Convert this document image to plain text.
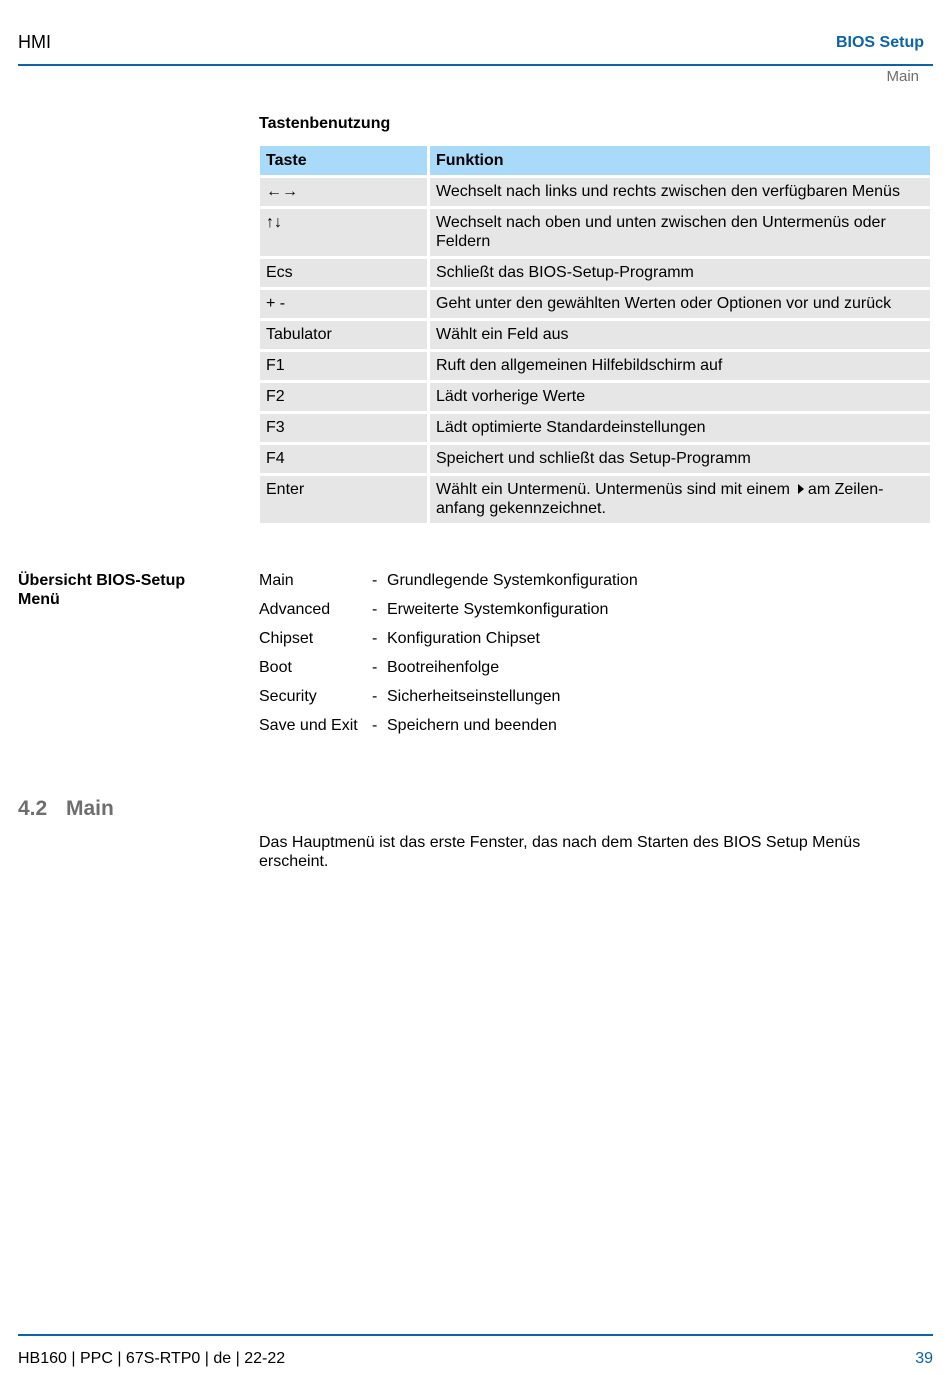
HMI	BIOS Setup
Main
Tastenbenutzung
Taste	Funktion
←→	Wechselt nach links und rechts zwischen den verfügbaren Menüs
↑↓	Wechselt nach oben und unten zwischen den Untermenüs oder Feldern
Ecs	Schließt das BIOS-Setup-Programm
+ -	Geht unter den gewählten Werten oder Optionen vor und zurück
Tabulator	Wählt ein Feld aus
F1	Ruft den allgemeinen Hilfebildschirm auf
F2	Lädt vorherige Werte
F3	Lädt optimierte Standardeinstellungen
F4	Speichert und schließt das Setup-Programm
Enter	Wählt ein Untermenü. Untermenüs sind mit einem am Zeilenanfang gekennzeichnet.
Übersicht BIOS-Setup Menü
Main	- Grundlegende Systemkonfiguration
Advanced	- Erweiterte Systemkonfiguration
Chipset	- Konfiguration Chipset
Boot	- Bootreihenfolge
Security	- Sicherheitseinstellungen
Save und Exit - Speichern und beenden
4.2 Main
Das Hauptmenü ist das erste Fenster, das nach dem Starten des BIOS Setup Menüs erscheint.
HB160 | PPC | 67S-RTP0 | de | 22-22	39
